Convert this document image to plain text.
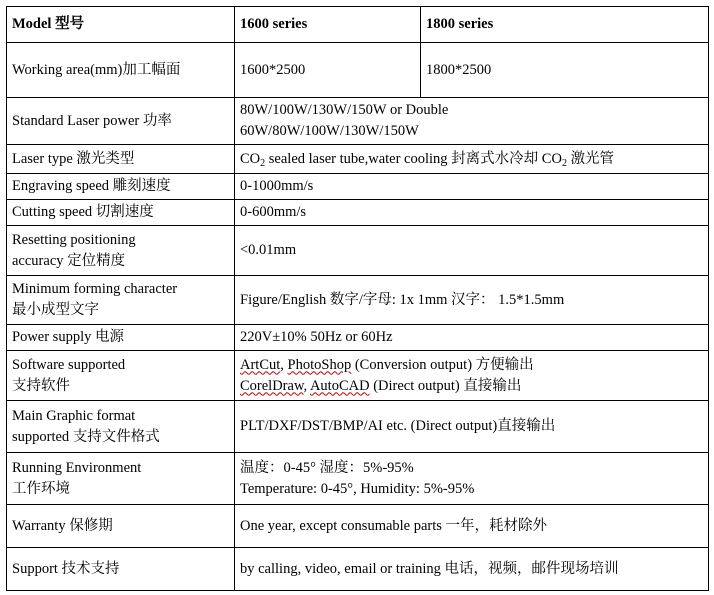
Model 型号	1600 series	1800 series
Working area(mm)加工幅面	1600*2500	1800*2500
Standard Laser power 功率	80W/100W/130W/150W or Double
60W/80W/100W/130W/150W	

Laser type 激光类型	$CO_2$ sealed laser tube,water cooling 封离式水冷却 $CO_2$ 激光管	
Engraving speed 雕刻速度	0-1000mm/s	
Cutting speed 切割速度	0-600mm/s	

Resetting positioning
accuracy 定位精度	<0.01mm	

Minimum forming character
最小成型文字	Figure/English 数字/字母: 1x 1mm 汉字： 1.5*1.5mm	
Power supply 电源	220V±10% 50Hz or 60Hz	

Software supported
支持软件	ArtCut, PhotoShop (Conversion output) 方便输出
CorelDraw, AutoCAD (Direct output) 直接输出	

Main Graphic format
supported 支持文件格式	PLT/DXF/DST/BMP/AI etc. (Direct output)直接输出	

Running Environment
工作环境	温度：0-45° 湿度：5%-95%
Temperature: 0-45°, Humidity: 5%-95%	

Warranty 保修期	One year, except consumable parts 一年，耗材除外	
Support 技术支持	by calling, video, email or training 电话，视频，邮件现场培训	
